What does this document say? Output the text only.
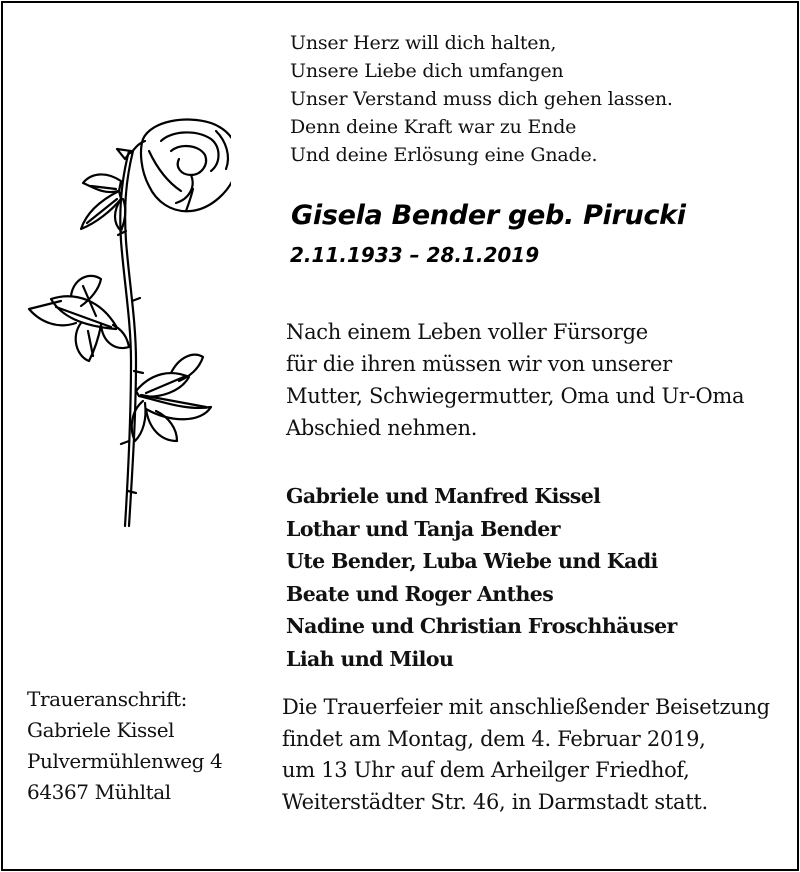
Unser Herz will dich halten,
Unsere Liebe dich umfangen
Unser Verstand muss dich gehen lassen.
Denn deine Kraft war zu Ende
Und deine Erlösung eine Gnade.
Gisela Bender geb. Pirucki
2.11.1933 – 28.1.2019
Nach einem Leben voller Fürsorge
für die ihren müssen wir von unserer
Mutter, Schwiegermutter, Oma und Ur-Oma
Abschied nehmen.
Gabriele und Manfred Kissel
Lothar und Tanja Bender
Ute Bender, Luba Wiebe und Kadi
Beate und Roger Anthes
Nadine und Christian Froschhäuser
Liah und Milou
Traueranschrift:
Gabriele Kissel
Pulvermühlenweg 4
64367 Mühltal
Die Trauerfeier mit anschließender Beisetzung
findet am Montag, dem 4. Februar 2019,
um 13 Uhr auf dem Arheilger Friedhof,
Weiterstädter Str. 46, in Darmstadt statt.
